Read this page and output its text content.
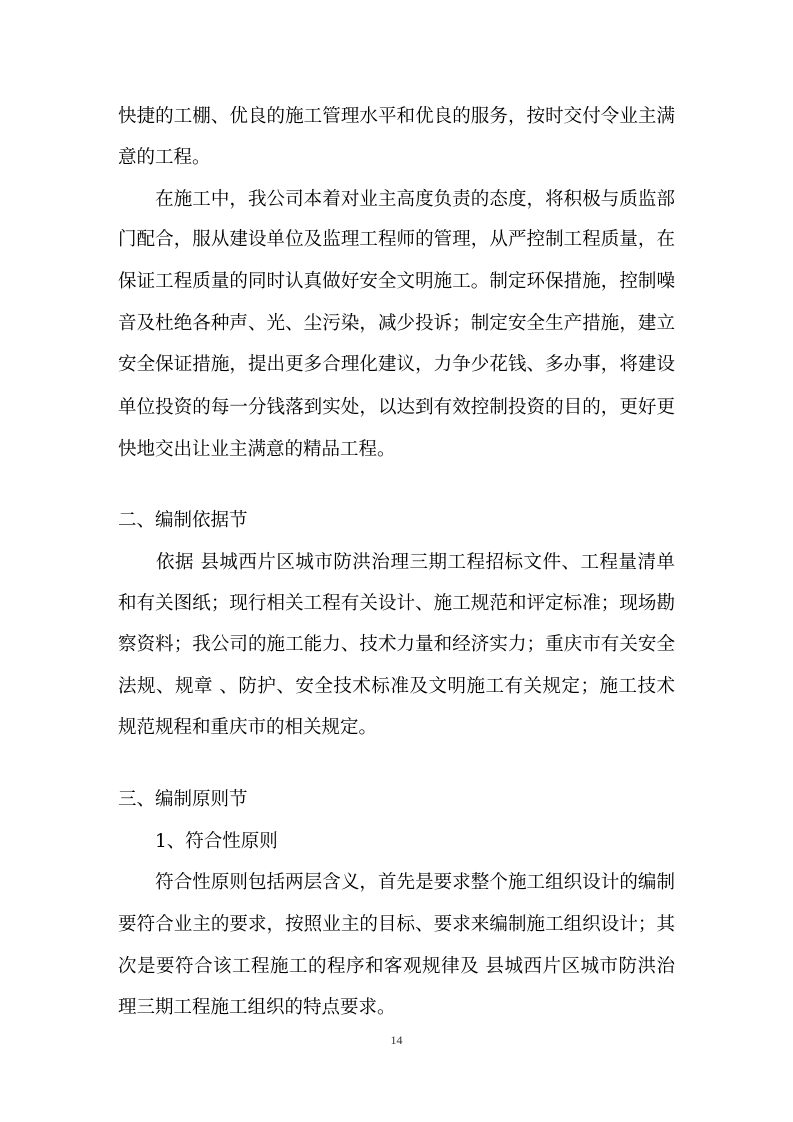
快捷的工棚、优良的施工管理水平和优良的服务，按时交付令业主满
意的工程。
　　在施工中，我公司本着对业主高度负责的态度，将积极与质监部
门配合，服从建设单位及监理工程师的管理，从严控制工程质量，在
保证工程质量的同时认真做好安全文明施工。制定环保措施，控制噪
音及杜绝各种声、光、尘污染，减少投诉；制定安全生产措施，建立
安全保证措施，提出更多合理化建议，力争少花钱、多办事，将建设
单位投资的每一分钱落到实处，以达到有效控制投资的目的，更好更
快地交出让业主满意的精品工程。
二、编制依据节
　　依据 县城西片区城市防洪治理三期工程招标文件、工程量清单
和有关图纸；现行相关工程有关设计、施工规范和评定标准；现场勘
察资料；我公司的施工能力、技术力量和经济实力；重庆市有关安全
法规、规章 、防护、安全技术标准及文明施工有关规定；施工技术
规范规程和重庆市的相关规定。
三、编制原则节
　　1、符合性原则
　　符合性原则包括两层含义，首先是要求整个施工组织设计的编制
要符合业主的要求，按照业主的目标、要求来编制施工组织设计；其
次是要符合该工程施工的程序和客观规律及 县城西片区城市防洪治
理三期工程施工组织的特点要求。
14
